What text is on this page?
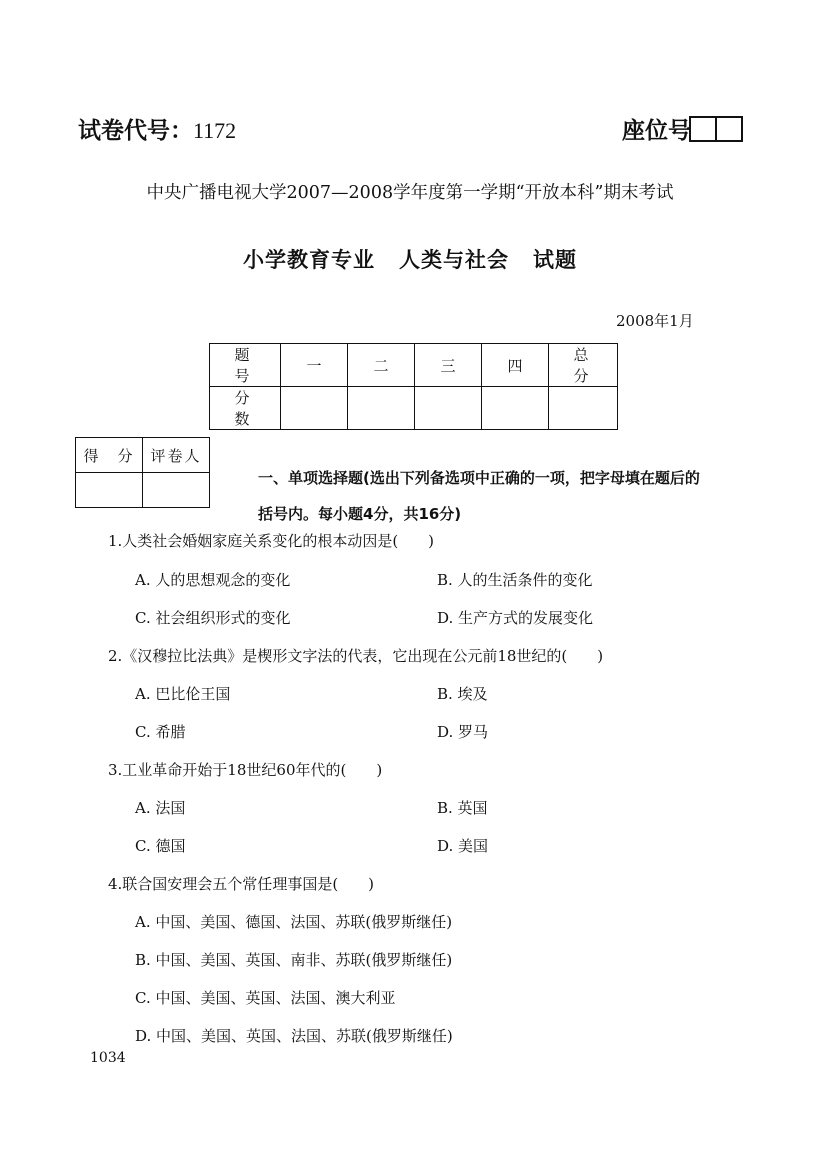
试卷代号：1172	座位号
中央广播电视大学2007—2008学年度第一学期“开放本科”期末考试
小学教育专业 人类与社会 试题
2008年1月
题　号	一	二	三	四	总　分
分　数					
得　分	评卷人

一、单项选择题(选出下列备选项中正确的一项，把字母填在题后的
括号内。每小题4分，共16分)
1.人类社会婚姻家庭关系变化的根本动因是(　　)
A. 人的思想观念的变化	B. 人的生活条件的变化
C. 社会组织形式的变化	D. 生产方式的发展变化
2.《汉穆拉比法典》是楔形文字法的代表，它出现在公元前18世纪的(　　)
A. 巴比伦王国	B. 埃及
C. 希腊	D. 罗马
3.工业革命开始于18世纪60年代的(　　)
A. 法国	B. 英国
C. 德国	D. 美国
4.联合国安理会五个常任理事国是(　　)
A. 中国、美国、德国、法国、苏联(俄罗斯继任)
B. 中国、美国、英国、南非、苏联(俄罗斯继任)
C. 中国、美国、英国、法国、澳大利亚
D. 中国、美国、英国、法国、苏联(俄罗斯继任)
1034
